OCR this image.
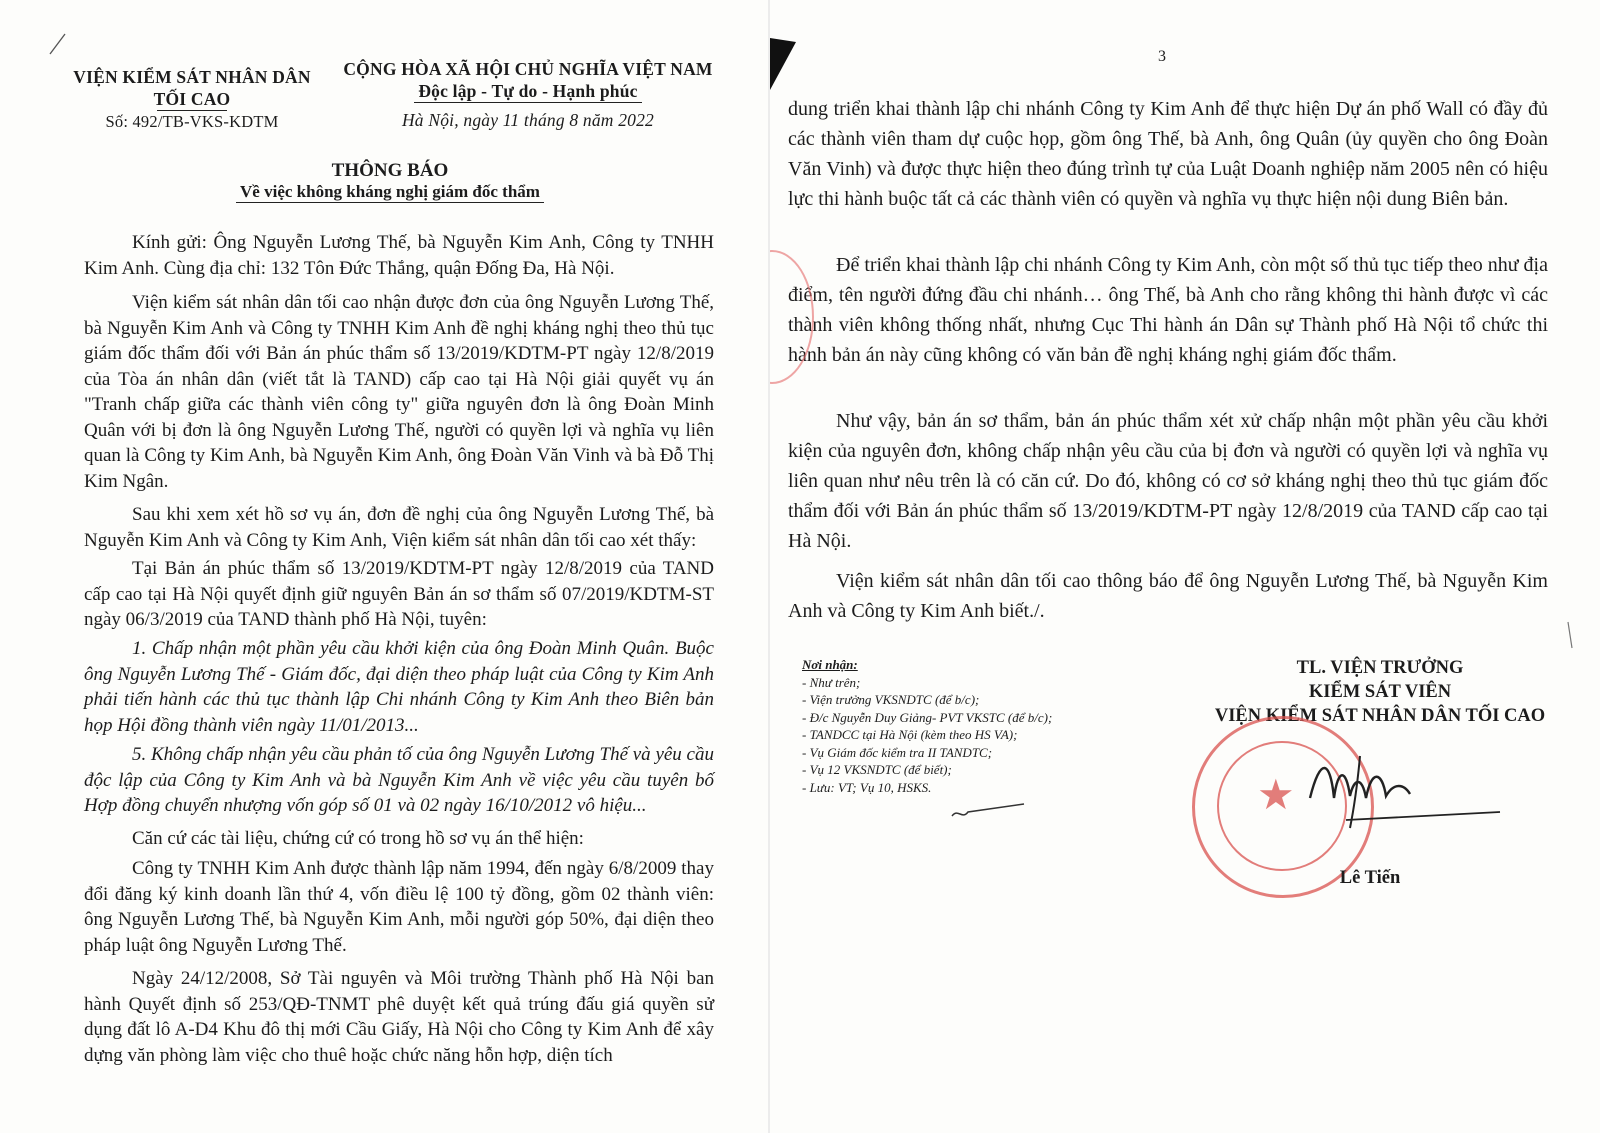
VIỆN KIỂM SÁT NHÂN DÂN
TỐI CAO
Số: 492/TB-VKS-KDTM
CỘNG HÒA XÃ HỘI CHỦ NGHĨA VIỆT NAM
Độc lập - Tự do - Hạnh phúc
Hà Nội, ngày 11 tháng 8 năm 2022
THÔNG BÁO
Về việc không kháng nghị giám đốc thẩm
Kính gửi: Ông Nguyễn Lương Thế, bà Nguyễn Kim Anh, Công ty TNHH Kim Anh. Cùng địa chỉ: 132 Tôn Đức Thắng, quận Đống Đa, Hà Nội.
Viện kiểm sát nhân dân tối cao nhận được đơn của ông Nguyễn Lương Thế, bà Nguyễn Kim Anh và Công ty TNHH Kim Anh đề nghị kháng nghị theo thủ tục giám đốc thẩm đối với Bản án phúc thẩm số 13/2019/KDTM-PT ngày 12/8/2019 của Tòa án nhân dân (viết tắt là TAND) cấp cao tại Hà Nội giải quyết vụ án "Tranh chấp giữa các thành viên công ty" giữa nguyên đơn là ông Đoàn Minh Quân với bị đơn là ông Nguyễn Lương Thế, người có quyền lợi và nghĩa vụ liên quan là Công ty Kim Anh, bà Nguyễn Kim Anh, ông Đoàn Văn Vinh và bà Đỗ Thị Kim Ngân.
Sau khi xem xét hồ sơ vụ án, đơn đề nghị của ông Nguyễn Lương Thế, bà Nguyễn Kim Anh và Công ty Kim Anh, Viện kiểm sát nhân dân tối cao xét thấy:
Tại Bản án phúc thẩm số 13/2019/KDTM-PT ngày 12/8/2019 của TAND cấp cao tại Hà Nội quyết định giữ nguyên Bản án sơ thẩm số 07/2019/KDTM-ST ngày 06/3/2019 của TAND thành phố Hà Nội, tuyên:
1. Chấp nhận một phần yêu cầu khởi kiện của ông Đoàn Minh Quân. Buộc ông Nguyễn Lương Thế - Giám đốc, đại diện theo pháp luật của Công ty Kim Anh phải tiến hành các thủ tục thành lập Chi nhánh Công ty Kim Anh theo Biên bản họp Hội đồng thành viên ngày 11/01/2013...
5. Không chấp nhận yêu cầu phản tố của ông Nguyễn Lương Thế và yêu cầu độc lập của Công ty Kim Anh và bà Nguyễn Kim Anh về việc yêu cầu tuyên bố Hợp đồng chuyển nhượng vốn góp số 01 và 02 ngày 16/10/2012 vô hiệu...
Căn cứ các tài liệu, chứng cứ có trong hồ sơ vụ án thể hiện:
Công ty TNHH Kim Anh được thành lập năm 1994, đến ngày 6/8/2009 thay đổi đăng ký kinh doanh lần thứ 4, vốn điều lệ 100 tỷ đồng, gồm 02 thành viên: ông Nguyễn Lương Thế, bà Nguyễn Kim Anh, mỗi người góp 50%, đại diện theo pháp luật ông Nguyễn Lương Thế.
Ngày 24/12/2008, Sở Tài nguyên và Môi trường Thành phố Hà Nội ban hành Quyết định số 253/QĐ-TNMT phê duyệt kết quả trúng đấu giá quyền sử dụng đất lô A-D4 Khu đô thị mới Cầu Giấy, Hà Nội cho Công ty Kim Anh để xây dựng văn phòng làm việc cho thuê hoặc chức năng hỗn hợp, diện tích
3
dung triển khai thành lập chi nhánh Công ty Kim Anh để thực hiện Dự án phố Wall có đầy đủ các thành viên tham dự cuộc họp, gồm ông Thế, bà Anh, ông Quân (ủy quyền cho ông Đoàn Văn Vinh) và được thực hiện theo đúng trình tự của Luật Doanh nghiệp năm 2005 nên có hiệu lực thi hành buộc tất cả các thành viên có quyền và nghĩa vụ thực hiện nội dung Biên bản.
Để triển khai thành lập chi nhánh Công ty Kim Anh, còn một số thủ tục tiếp theo như địa điểm, tên người đứng đầu chi nhánh… ông Thế, bà Anh cho rằng không thi hành được vì các thành viên không thống nhất, nhưng Cục Thi hành án Dân sự Thành phố Hà Nội tổ chức thi hành bản án này cũng không có văn bản đề nghị kháng nghị giám đốc thẩm.
Như vậy, bản án sơ thẩm, bản án phúc thẩm xét xử chấp nhận một phần yêu cầu khởi kiện của nguyên đơn, không chấp nhận yêu cầu của bị đơn và người có quyền lợi và nghĩa vụ liên quan như nêu trên là có căn cứ. Do đó, không có cơ sở kháng nghị theo thủ tục giám đốc thẩm đối với Bản án phúc thẩm số 13/2019/KDTM-PT ngày 12/8/2019 của TAND cấp cao tại Hà Nội.
Viện kiểm sát nhân dân tối cao thông báo để ông Nguyễn Lương Thế, bà Nguyễn Kim Anh và Công ty Kim Anh biết./.
Nơi nhận:
- Như trên;
- Viện trưởng VKSNDTC (để b/c);
- Đ/c Nguyễn Duy Giảng- PVT VKSTC (để b/c);
- TANDCC tại Hà Nội (kèm theo HS VA);
- Vụ Giám đốc kiểm tra II TANDTC;
- Vụ 12 VKSNDTC (để biết);
- Lưu: VT; Vụ 10, HSKS.
TL. VIỆN TRƯỞNG
KIỂM SÁT VIÊN
VIỆN KIỂM SÁT NHÂN DÂN TỐI CAO
★
Lê Tiến
